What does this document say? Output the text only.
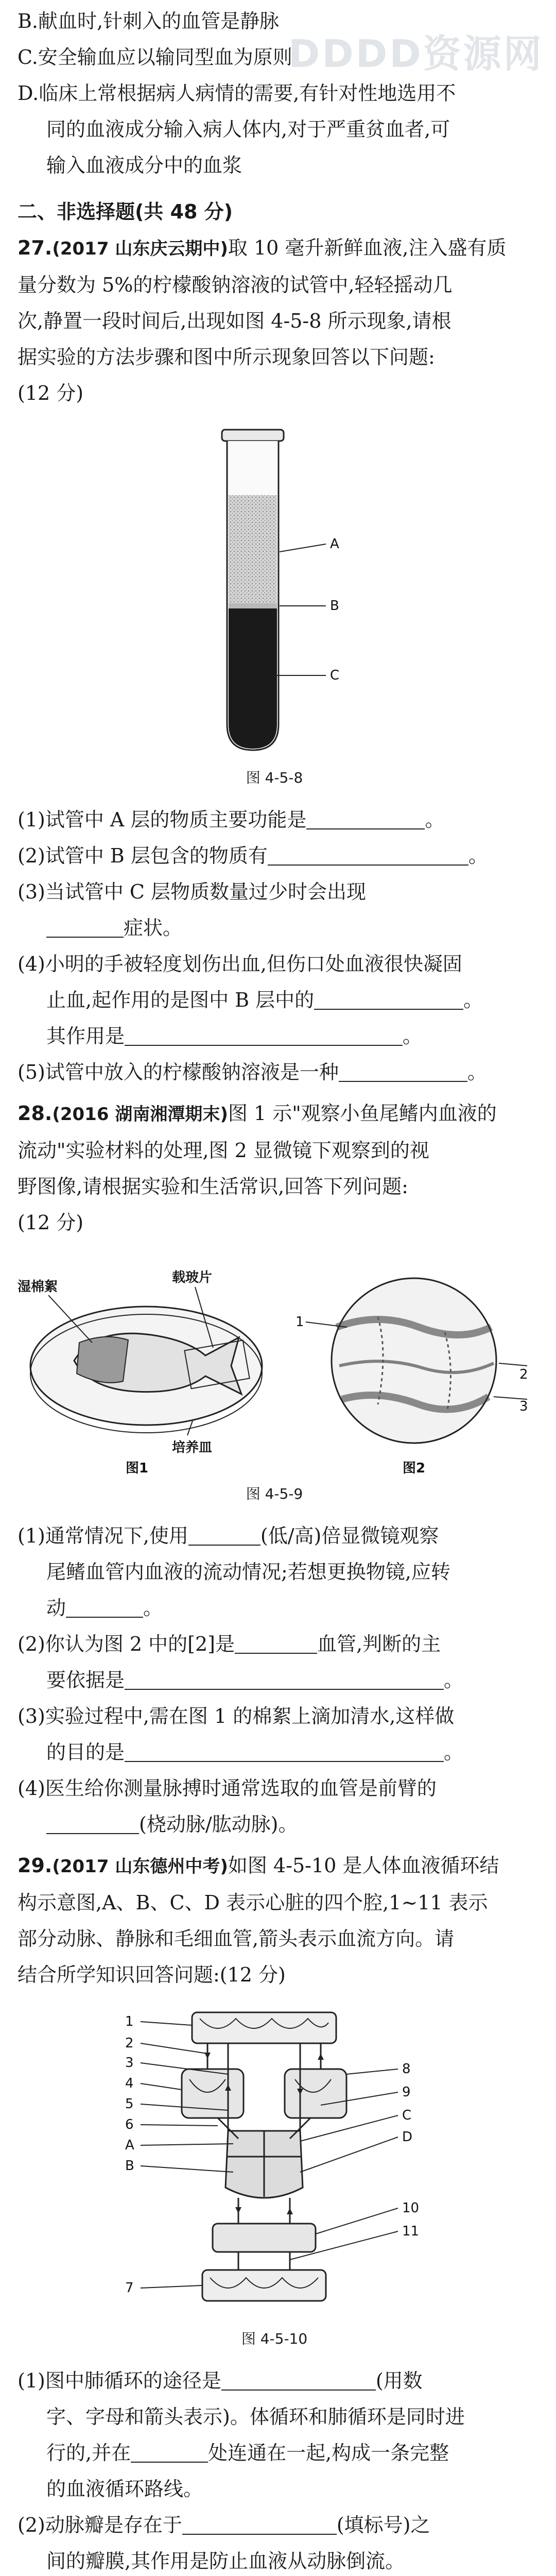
DDDD资源网

B.献血时,针刺入的血管是静脉

C.安全输血应以输同型血为原则

D.临床上常根据病人病情的需要,有针对性地选用不

同的血液成分输入病人体内,对于严重贫血者,可

输入血液成分中的血浆

二、非选择题(共 48 分)

27.(2017 山东庆云期中)取 10 毫升新鲜血液,注入盛有质

量分数为 5%的柠檬酸钠溶液的试管中,轻轻摇动几

次,静置一段时间后,出现如图 4-5-8 所示现象,请根

据实验的方法步骤和图中所示现象回答以下问题:

(12 分)

A
B
C
图 4-5-8

(1)试管中 A 层的物质主要功能是	。

(2)试管中 B 层包含的物质有	。

(3)当试管中 C 层物质数量过少时会出现

症状。

(4)小明的手被轻度划伤出血,但伤口处血液很快凝固

止血,起作用的是图中 B 层中的	。

其作用是	。

(5)试管中放入的柠檬酸钠溶液是一种	。

28.(2016 湖南湘潭期末)图 1 示"观察小鱼尾鳍内血液的

流动"实验材料的处理,图 2 显微镜下观察到的视

野图像,请根据实验和生活常识,回答下列问题:

(12 分)

湿棉絮
载玻片
培养皿
图1
1
2
3
图2
图 4-5-9

(1)通常情况下,使用	(低/高)倍显微镜观察

尾鳍血管内血液的流动情况;若想更换物镜,应转

动	。

(2)你认为图 2 中的[2]是	血管,判断的主

要依据是	。

(3)实验过程中,需在图 1 的棉絮上滴加清水,这样做

的目的是	。

(4)医生给你测量脉搏时通常选取的血管是前臂的

(桡动脉/肱动脉)。

29.(2017 山东德州中考)如图 4-5-10 是人体血液循环结

构示意图,A、B、C、D 表示心脏的四个腔,1~11 表示

部分动脉、静脉和毛细血管,箭头表示血流方向。请

结合所学知识回答问题:(12 分)

1
2
3
4
5
6
A
B
7
8
9
C
D
10
11
图 4-5-10

(1)图中肺循环的途径是	(用数

字、字母和箭头表示)。体循环和肺循环是同时进

行的,并在	处连通在一起,构成一条完整

的血液循环路线。

(2)动脉瓣是存在于	(填标号)之

间的瓣膜,其作用是防止血液从动脉倒流。
